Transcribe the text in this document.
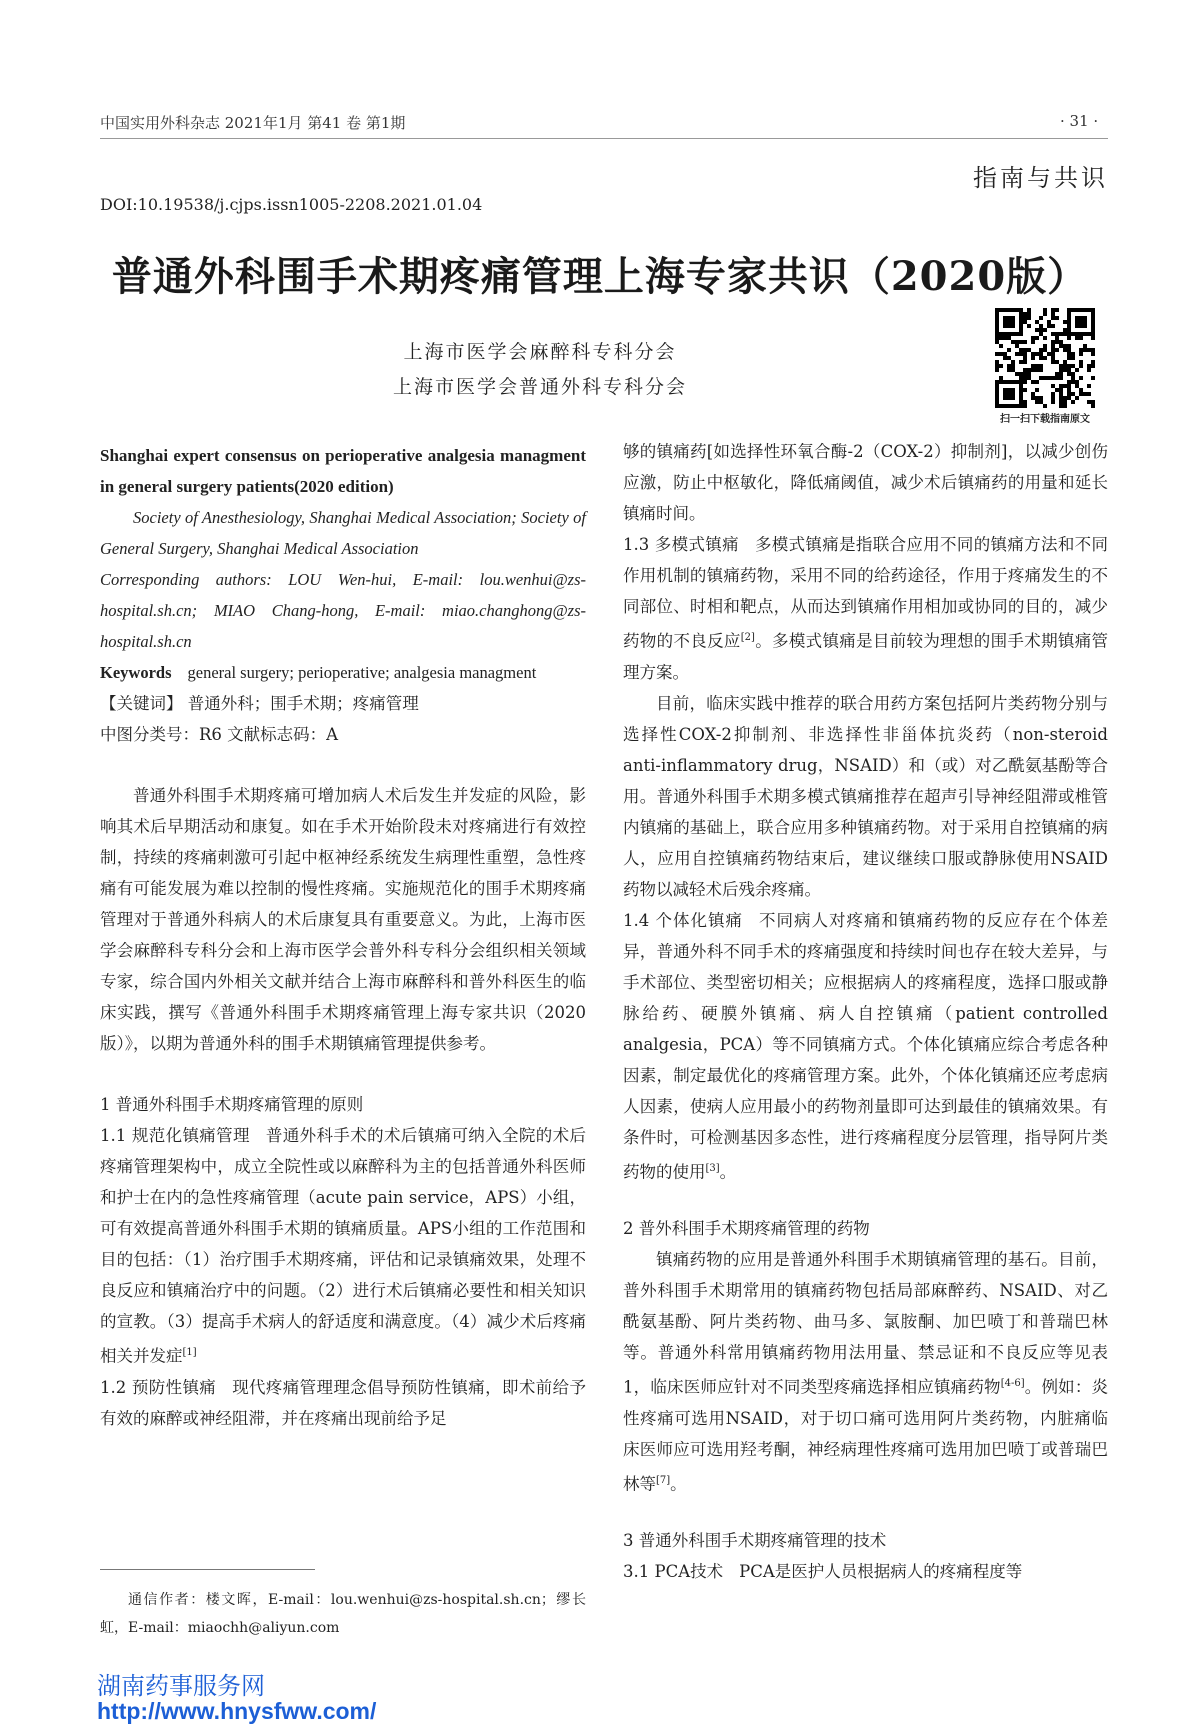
中国实用外科杂志 2021年1月 第41 卷 第1期	· 31 ·
指南与共识
DOI:10.19538/j.cjps.issn1005-2208.2021.01.04
普通外科围手术期疼痛管理上海专家共识（2020版）
上海市医学会麻醉科专科分会
上海市医学会普通外科专科分会
扫一扫下载指南原文

Shanghai expert consensus on perioperative analgesia managment in general surgery patients(2020 edition)

Society of Anesthesiology, Shanghai Medical Association; Society of General Surgery, Shanghai Medical Association

Corresponding authors: LOU Wen-hui, E-mail: lou.wenhui@zs-hospital.sh.cn; MIAO Chang-hong, E-mail: miao.changhong@zs-hospital.sh.cn

Keywords general surgery; perioperative; analgesia managment

【关键词】 普通外科；围手术期；疼痛管理

中图分类号：R6 文献标志码：A

普通外科围手术期疼痛可增加病人术后发生并发症的风险，影响其术后早期活动和康复。如在手术开始阶段未对疼痛进行有效控制，持续的疼痛刺激可引起中枢神经系统发生病理性重塑，急性疼痛有可能发展为难以控制的慢性疼痛。实施规范化的围手术期疼痛管理对于普通外科病人的术后康复具有重要意义。为此，上海市医学会麻醉科专科分会和上海市医学会普外科专科分会组织相关领域专家，综合国内外相关文献并结合上海市麻醉科和普外科医生的临床实践，撰写《普通外科围手术期疼痛管理上海专家共识（2020版）》，以期为普通外科的围手术期镇痛管理提供参考。

1 普通外科围手术期疼痛管理的原则

1.1 规范化镇痛管理 普通外科手术的术后镇痛可纳入全院的术后疼痛管理架构中，成立全院性或以麻醉科为主的包括普通外科医师和护士在内的急性疼痛管理（acute pain service，APS）小组，可有效提高普通外科围手术期的镇痛质量。APS小组的工作范围和目的包括：（1）治疗围手术期疼痛，评估和记录镇痛效果，处理不良反应和镇痛治疗中的问题。（2）进行术后镇痛必要性和相关知识的宣教。（3）提高手术病人的舒适度和满意度。（4）减少术后疼痛相关并发症[1]

1.2 预防性镇痛 现代疼痛管理理念倡导预防性镇痛，即术前给予有效的麻醉或神经阻滞，并在疼痛出现前给予足

通信作者：楼文晖，E-mail：lou.wenhui@zs-hospital.sh.cn；缪长虹，E-mail：miaochh@aliyun.com

够的镇痛药[如选择性环氧合酶-2（COX-2）抑制剂]，以减少创伤应激，防止中枢敏化，降低痛阈值，减少术后镇痛药的用量和延长镇痛时间。

1.3 多模式镇痛 多模式镇痛是指联合应用不同的镇痛方法和不同作用机制的镇痛药物，采用不同的给药途径，作用于疼痛发生的不同部位、时相和靶点，从而达到镇痛作用相加或协同的目的，减少药物的不良反应[2]。多模式镇痛是目前较为理想的围手术期镇痛管理方案。

目前，临床实践中推荐的联合用药方案包括阿片类药物分别与选择性COX-2抑制剂、非选择性非甾体抗炎药（non-steroid anti-inflammatory drug，NSAID）和（或）对乙酰氨基酚等合用。普通外科围手术期多模式镇痛推荐在超声引导神经阻滞或椎管内镇痛的基础上，联合应用多种镇痛药物。对于采用自控镇痛的病人，应用自控镇痛药物结束后，建议继续口服或静脉使用NSAID药物以减轻术后残余疼痛。

1.4 个体化镇痛 不同病人对疼痛和镇痛药物的反应存在个体差异，普通外科不同手术的疼痛强度和持续时间也存在较大差异，与手术部位、类型密切相关；应根据病人的疼痛程度，选择口服或静脉给药、硬膜外镇痛、病人自控镇痛（patient controlled analgesia，PCA）等不同镇痛方式。个体化镇痛应综合考虑各种因素，制定最优化的疼痛管理方案。此外，个体化镇痛还应考虑病人因素，使病人应用最小的药物剂量即可达到最佳的镇痛效果。有条件时，可检测基因多态性，进行疼痛程度分层管理，指导阿片类药物的使用[3]。

2 普外科围手术期疼痛管理的药物

镇痛药物的应用是普通外科围手术期镇痛管理的基石。目前，普外科围手术期常用的镇痛药物包括局部麻醉药、NSAID、对乙酰氨基酚、阿片类药物、曲马多、氯胺酮、加巴喷丁和普瑞巴林等。普通外科常用镇痛药物用法用量、禁忌证和不良反应等见表1，临床医师应针对不同类型疼痛选择相应镇痛药物[4-6]。例如：炎性疼痛可选用NSAID，对于切口痛可选用阿片类药物，内脏痛临床医师应可选用羟考酮，神经病理性疼痛可选用加巴喷丁或普瑞巴林等[7]。

3 普通外科围手术期疼痛管理的技术

3.1 PCA技术 PCA是医护人员根据病人的疼痛程度等

湖南药事服务网
http://www.hnysfww.com/
